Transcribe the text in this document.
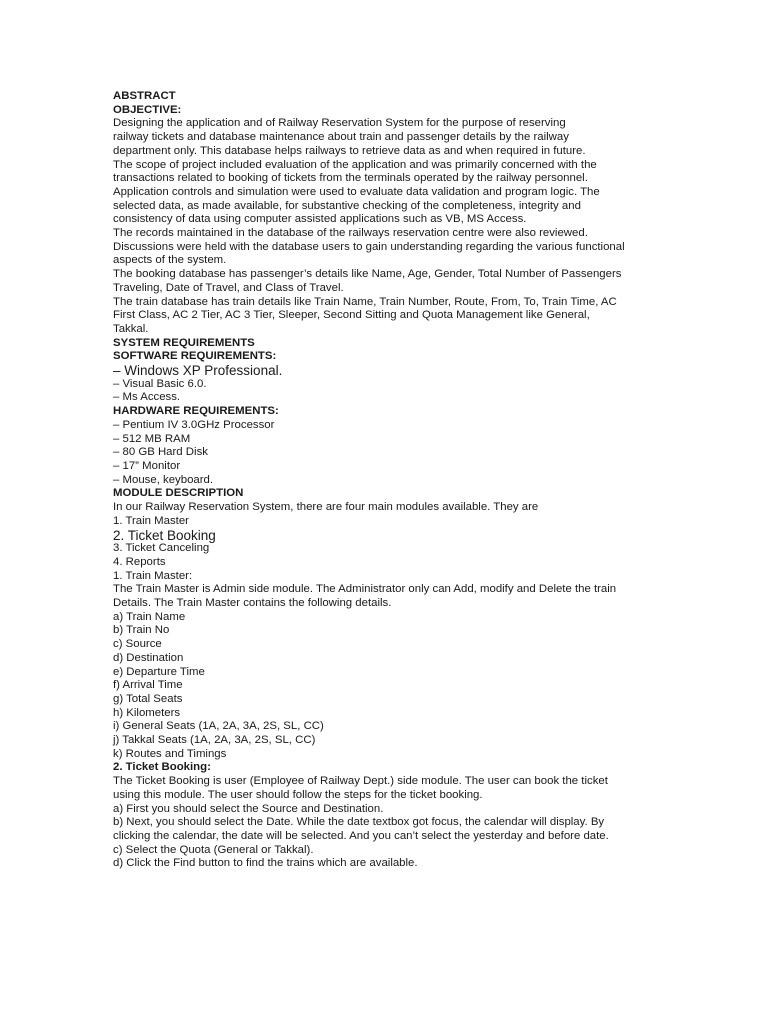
ABSTRACT
OBJECTIVE:
Designing the application and of Railway Reservation System for the purpose of reserving
railway tickets and database maintenance about train and passenger details by the railway
department only. This database helps railways to retrieve data as and when required in future.
The scope of project included evaluation of the application and was primarily concerned with the
transactions related to booking of tickets from the terminals operated by the railway personnel.
Application controls and simulation were used to evaluate data validation and program logic. The
selected data, as made available, for substantive checking of the completeness, integrity and
consistency of data using computer assisted applications such as VB, MS Access.
The records maintained in the database of the railways reservation centre were also reviewed.
Discussions were held with the database users to gain understanding regarding the various functional
aspects of the system.
The booking database has passenger’s details like Name, Age, Gender, Total Number of Passengers
Traveling, Date of Travel, and Class of Travel.
The train database has train details like Train Name, Train Number, Route, From, To, Train Time, AC
First Class, AC 2 Tier, AC 3 Tier, Sleeper, Second Sitting and Quota Management like General,
Takkal.
SYSTEM REQUIREMENTS
SOFTWARE REQUIREMENTS:
– Windows XP Professional.
– Visual Basic 6.0.
– Ms Access.
HARDWARE REQUIREMENTS:
– Pentium IV 3.0GHz Processor
– 512 MB RAM
– 80 GB Hard Disk
– 17” Monitor
– Mouse, keyboard.
MODULE DESCRIPTION
In our Railway Reservation System, there are four main modules available. They are
1. Train Master
2. Ticket Booking
3. Ticket Canceling
4. Reports
1. Train Master:
The Train Master is Admin side module. The Administrator only can Add, modify and Delete the train
Details. The Train Master contains the following details.
a) Train Name
b) Train No
c) Source
d) Destination
e) Departure Time
f) Arrival Time
g) Total Seats
h) Kilometers
i) General Seats (1A, 2A, 3A, 2S, SL, CC)
j) Takkal Seats (1A, 2A, 3A, 2S, SL, CC)
k) Routes and Timings
2. Ticket Booking:
The Ticket Booking is user (Employee of Railway Dept.) side module. The user can book the ticket
using this module. The user should follow the steps for the ticket booking.
a) First you should select the Source and Destination.
b) Next, you should select the Date. While the date textbox got focus, the calendar will display. By
clicking the calendar, the date will be selected. And you can’t select the yesterday and before date.
c) Select the Quota (General or Takkal).
d) Click the Find button to find the trains which are available.
